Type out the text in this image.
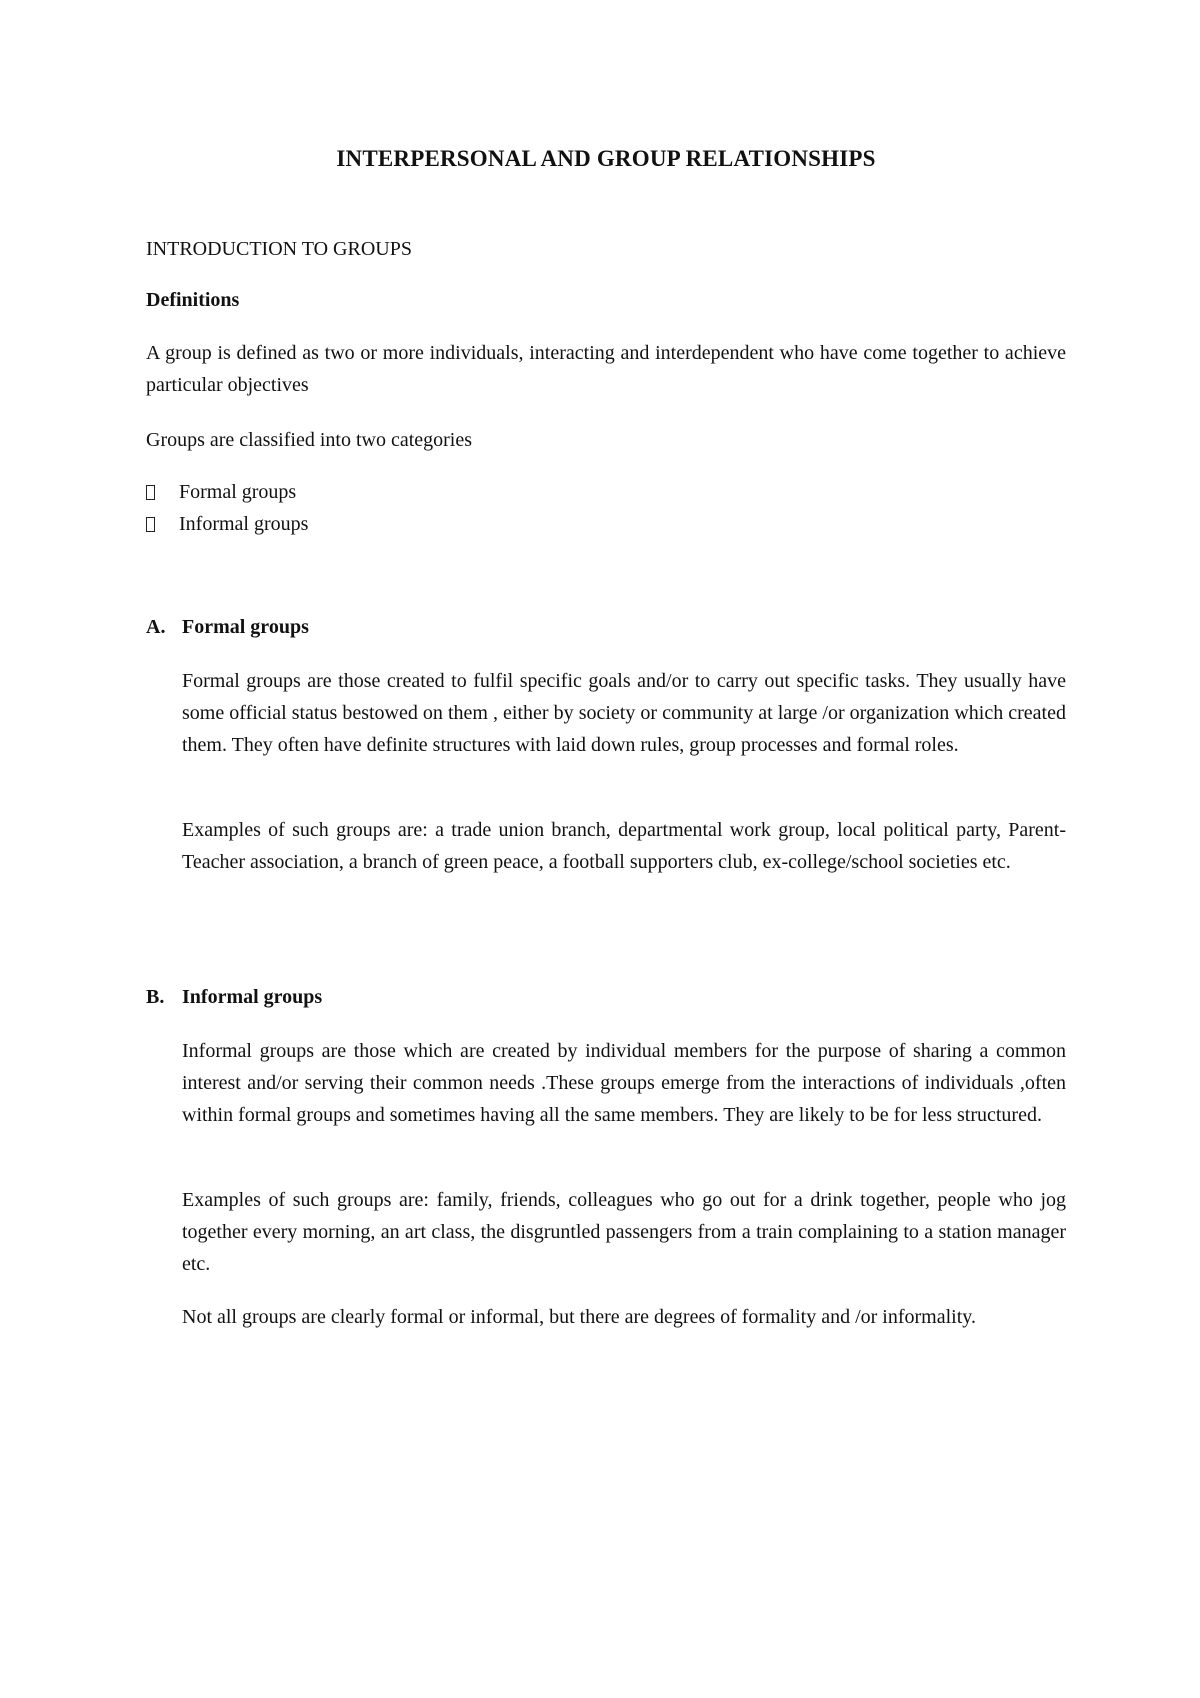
INTERPERSONAL AND GROUP RELATIONSHIPS

INTRODUCTION TO GROUPS

Definitions

A group is defined as two or more individuals, interacting and interdependent who have come together to achieve particular objectives

Groups are classified into two categories

Formal groups
Informal groups
A. Formal groups

Formal groups are those created to fulfil specific goals and/or to carry out specific tasks. They usually have some official status bestowed on them , either by society or community at large /or organization which created them. They often have definite structures with laid down rules, group processes and formal roles.

Examples of such groups are: a trade union branch, departmental work group, local political party, Parent-Teacher association, a branch of green peace, a football supporters club, ex-college/school societies etc.

B. Informal groups

Informal groups are those which are created by individual members for the purpose of sharing a common interest and/or serving their common needs .These groups emerge from the interactions of individuals ,often within formal groups and sometimes having all the same members. They are likely to be for less structured.

Examples of such groups are: family, friends, colleagues who go out for a drink together, people who jog together every morning, an art class, the disgruntled passengers from a train complaining to a station manager etc.

Not all groups are clearly formal or informal, but there are degrees of formality and /or informality.
